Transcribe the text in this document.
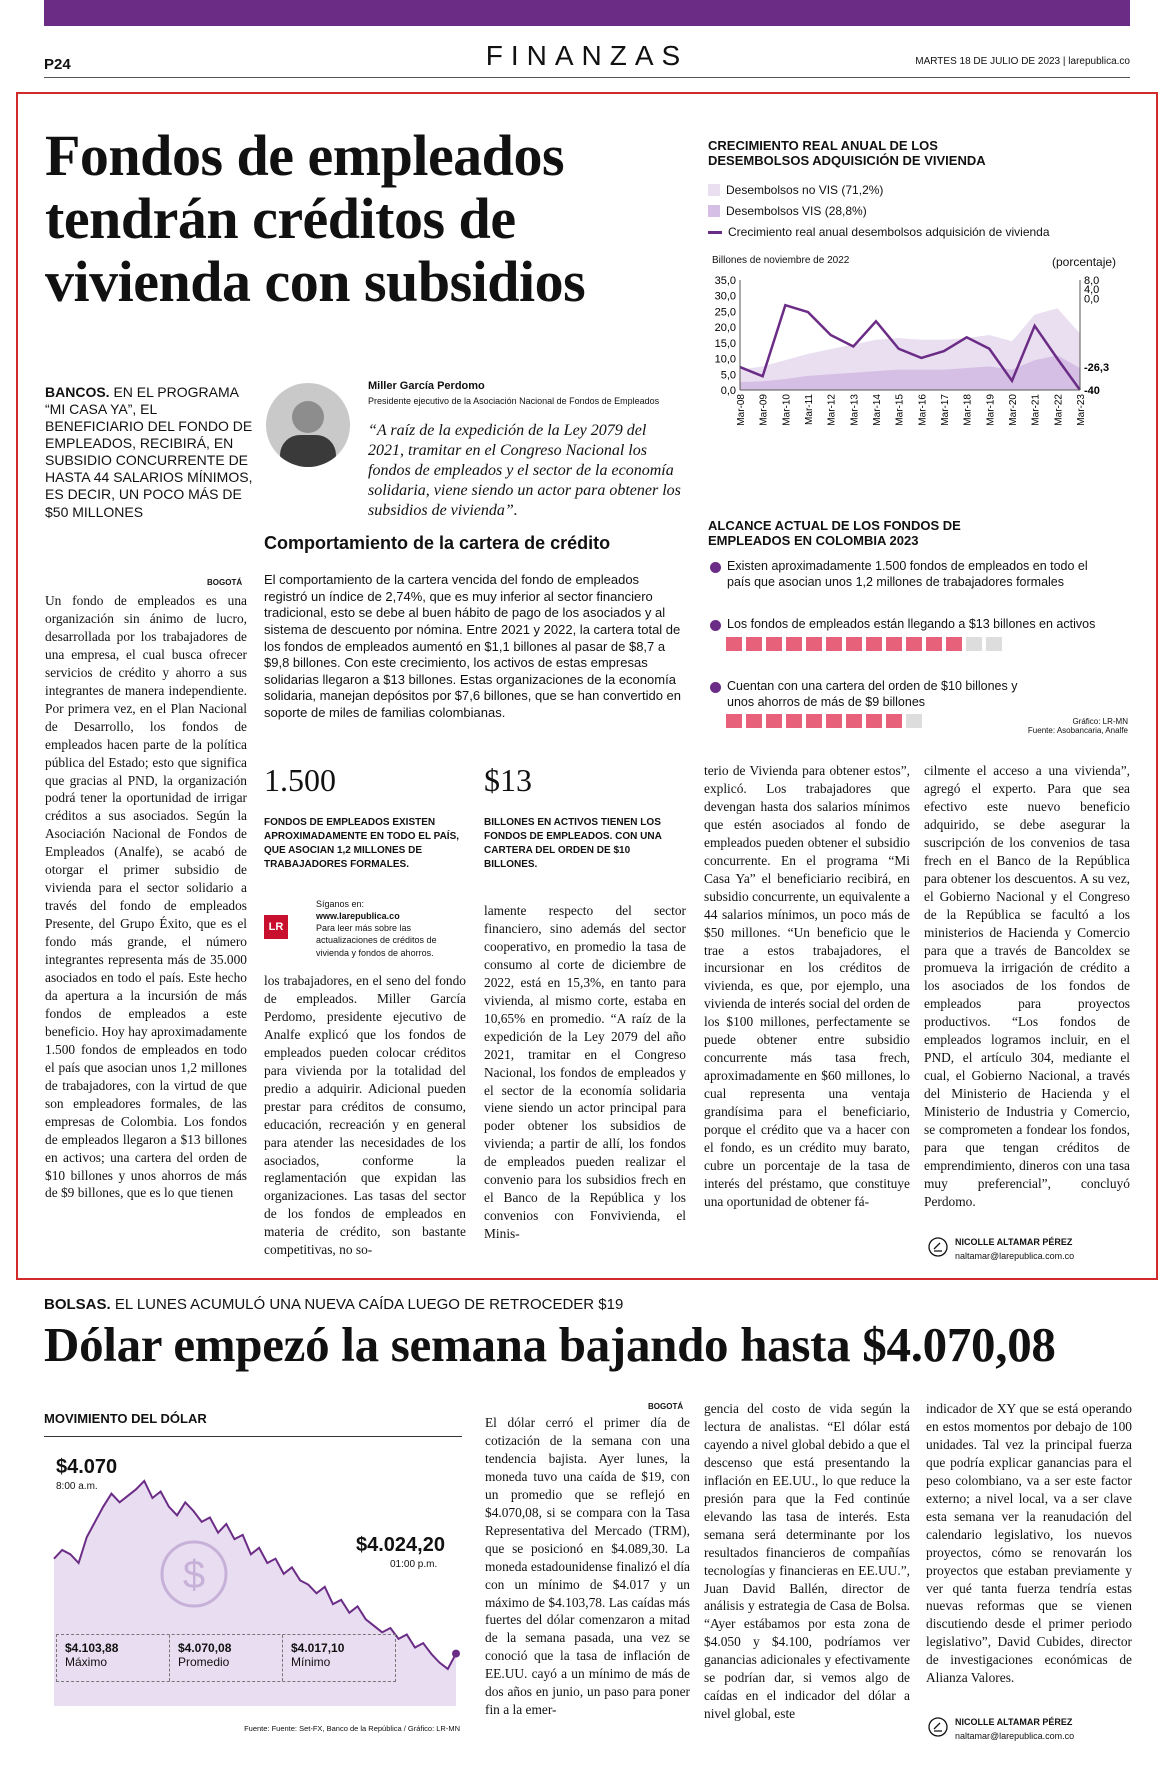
P24	FINANZAS	MARTES 18 DE JULIO DE 2023 | larepublica.co
Fondos de empleados tendrán créditos de vivienda con subsidios
BANCOS. EN EL PROGRAMA “MI CASA YA”, EL BENEFICIARIO DEL FONDO DE EMPLEADOS, RECIBIRÁ, EN SUBSIDIO CONCURRENTE DE HASTA 44 SALARIOS MÍNIMOS, ES DECIR, UN POCO MÁS DE $50 MILLONES
Miller García Perdomo
Presidente ejecutivo de la Asociación Nacional de Fondos de Empleados
“A raíz de la expedición de la Ley 2079 del 2021, tramitar en el Congreso Nacional los fondos de empleados y el sector de la economía solidaria, viene siendo un actor para obtener los subsidios de vivienda”.
Comportamiento de la cartera de crédito
El comportamiento de la cartera vencida del fondo de empleados registró un índice de 2,74%, que es muy inferior al sector financiero tradicional, esto se debe al buen hábito de pago de los asociados y al sistema de descuento por nómina. Entre 2021 y 2022, la cartera total de los fondos de empleados aumentó en $1,1 billones al pasar de $8,7 a $9,8 billones. Con este crecimiento, los activos de estas empresas solidarias llegaron a $13 billones. Estas organizaciones de la economía solidaria, manejan depósitos por $7,6 billones, que se han convertido en soporte de miles de familias colombianas.
BOGOTÁ
Un fondo de empleados es una organización sin ánimo de lucro, desarrollada por los trabajadores de una empresa, el cual busca ofrecer servicios de crédito y ahorro a sus integrantes de manera independiente. Por primera vez, en el Plan Nacional de Desarrollo, los fondos de empleados hacen parte de la política pública del Estado; esto que significa que gracias al PND, la organización podrá tener la oportunidad de irrigar créditos a sus asociados. Según la Asociación Nacional de Fondos de Empleados (Analfe), se acabó de otorgar el primer subsidio de vivienda para el sector solidario a través del fondo de empleados Presente, del Grupo Éxito, que es el fondo más grande, el número integrantes representa más de 35.000 asociados en todo el país. Este hecho da apertura a la incursión de más fondos de empleados a este beneficio. Hoy hay aproximadamente 1.500 fondos de empleados en todo el país que asocian unos 1,2 millones de trabajadores, con la virtud de que son empleadores formales, de las empresas de Colombia. Los fondos de empleados llegaron a $13 billones en activos; una cartera del orden de $10 billones y unos ahorros de más de $9 billones, que es lo que tienen
1.500
FONDOS DE EMPLEADOS EXISTEN APROXIMADAMENTE EN TODO EL PAÍS, QUE ASOCIAN 1,2 MILLONES DE TRABAJADORES FORMALES.
$13
BILLONES EN ACTIVOS TIENEN LOS FONDOS DE EMPLEADOS. CON UNA CARTERA DEL ORDEN DE $10 BILLONES.
LR
Síganos en:
www.larepublica.co
Para leer más sobre las actualizaciones de créditos de vivienda y fondos de ahorros.
los trabajadores, en el seno del fondo de empleados. Miller García Perdomo, presidente ejecutivo de Analfe explicó que los fondos de empleados pueden colocar créditos para vivienda por la totalidad del predio a adquirir. Adicional pueden prestar para créditos de consumo, educación, recreación y en general para atender las necesidades de los asociados, conforme la reglamentación que expidan las organizaciones. Las tasas del sector de los fondos de empleados en materia de crédito, son bastante competitivas, no so-
lamente respecto del sector financiero, sino además del sector cooperativo, en promedio la tasa de consumo al corte de diciembre de 2022, está en 15,3%, en tanto para vivienda, al mismo corte, estaba en 10,65% en promedio. “A raíz de la expedición de la Ley 2079 del año 2021, tramitar en el Congreso Nacional, los fondos de empleados y el sector de la economía solidaria viene siendo un actor principal para poder obtener los subsidios de vivienda; a partir de allí, los fondos de empleados pueden realizar el convenio para los subsidios frech en el Banco de la República y los convenios con Fonvivienda, el Minis-
terio de Vivienda para obtener estos”, explicó. Los trabajadores que devengan hasta dos salarios mínimos que estén asociados al fondo de empleados pueden obtener el subsidio concurrente. En el programa “Mi Casa Ya” el beneficiario recibirá, en subsidio concurrente, un equivalente a 44 salarios mínimos, un poco más de $50 millones. “Un beneficio que le trae a estos trabajadores, el incursionar en los créditos de vivienda, es que, por ejemplo, una vivienda de interés social del orden de los $100 millones, perfectamente se puede obtener entre subsidio concurrente más tasa frech, aproximadamente en $60 millones, lo cual representa una ventaja grandísima para el beneficiario, porque el crédito que va a hacer con el fondo, es un crédito muy barato, cubre un porcentaje de la tasa de interés del préstamo, que constituye una oportunidad de obtener fá-
cilmente el acceso a una vivienda”, agregó el experto. Para que sea efectivo este nuevo beneficio adquirido, se debe asegurar la suscripción de los convenios de tasa frech en el Banco de la República para obtener los descuentos. A su vez, el Gobierno Nacional y el Congreso de la República se facultó a los ministerios de Hacienda y Comercio para que a través de Bancoldex se promueva la irrigación de crédito a los asociados de los fondos de empleados para proyectos productivos. “Los fondos de empleados logramos incluir, en el PND, el artículo 304, mediante el cual, el Gobierno Nacional, a través del Ministerio de Hacienda y el Ministerio de Industria y Comercio, se comprometen a fondear los fondos, para que tengan créditos de emprendimiento, dineros con una tasa muy preferencial”, concluyó Perdomo.
NICOLLE ALTAMAR PÉREZ
naltamar@larepublica.com.co
CRECIMIENTO REAL ANUAL DE LOS DESEMBOLSOS ADQUISICIÓN DE VIVIENDA
Desembolsos no VIS (71,2%)
Desembolsos VIS (28,8%)
Crecimiento real anual desembolsos adquisición de vivienda
Billones de noviembre de 2022	(porcentaje)
35,0
30,0
25,0
20,0
15,0
10,0
5,0
0,0
8,0
4,0
0,0
-26,3
-40
Mar-08 Mar-09 Mar-10 Mar-11 Mar-12 Mar-13 Mar-14 Mar-15 Mar-16 Mar-17 Mar-18 Mar-19 Mar-20 Mar-21 Mar-22 Mar-23
ALCANCE ACTUAL DE LOS FONDOS DE EMPLEADOS EN COLOMBIA 2023
Existen aproximadamente 1.500 fondos de empleados en todo el país que asocian unos 1,2 millones de trabajadores formales
Los fondos de empleados están llegando a $13 billones en activos
Cuentan con una cartera del orden de $10 billones y unos ahorros de más de $9 billones
Gráfico: LR-MN
Fuente: Asobancaria, Analfe
BOLSAS. EL LUNES ACUMULÓ UNA NUEVA CAÍDA LUEGO DE RETROCEDER $19
Dólar empezó la semana bajando hasta $4.070,08
MOVIMIENTO DEL DÓLAR
$
$4.070
8:00 a.m.
$4.024,20
01:00 p.m.
$4.103,88
Máximo
$4.070,08
Promedio
$4.017,10
Mínimo
Fuente: Fuente: Set-FX, Banco de la República / Gráfico: LR-MN
BOGOTÁ
El dólar cerró el primer día de cotización de la semana con una tendencia bajista. Ayer lunes, la moneda tuvo una caída de $19, con un promedio que se reflejó en $4.070,08, si se compara con la Tasa Representativa del Mercado (TRM), que se posicionó en $4.089,30. La moneda estadounidense finalizó el día con un mínimo de $4.017 y un máximo de $4.103,78. Las caídas más fuertes del dólar comenzaron a mitad de la semana pasada, una vez se conoció que la tasa de inflación de EE.UU. cayó a un mínimo de más de dos años en junio, un paso para poner fin a la emer-
gencia del costo de vida según la lectura de analistas. “El dólar está cayendo a nivel global debido a que el descenso que está presentando la inflación en EE.UU., lo que reduce la presión para que la Fed continúe elevando las tasa de interés. Esta semana será determinante por los resultados financieros de compañías tecnologías y financieras en EE.UU.”, Juan David Ballén, director de análisis y estrategia de Casa de Bolsa. “Ayer estábamos por esta zona de $4.050 y $4.100, podríamos ver ganancias adicionales y efectivamente se podrían dar, si vemos algo de caídas en el indicador del dólar a nivel global, este
indicador de XY que se está operando en estos momentos por debajo de 100 unidades. Tal vez la principal fuerza que podría explicar ganancias para el peso colombiano, va a ser este factor externo; a nivel local, va a ser clave esta semana ver la reanudación del calendario legislativo, los nuevos proyectos, cómo se renovarán los proyectos que estaban previamente y ver qué tanta fuerza tendría estas nuevas reformas que se vienen discutiendo desde el primer periodo legislativo”, David Cubides, director de investigaciones económicas de Alianza Valores.
NICOLLE ALTAMAR PÉREZ
naltamar@larepublica.com.co
